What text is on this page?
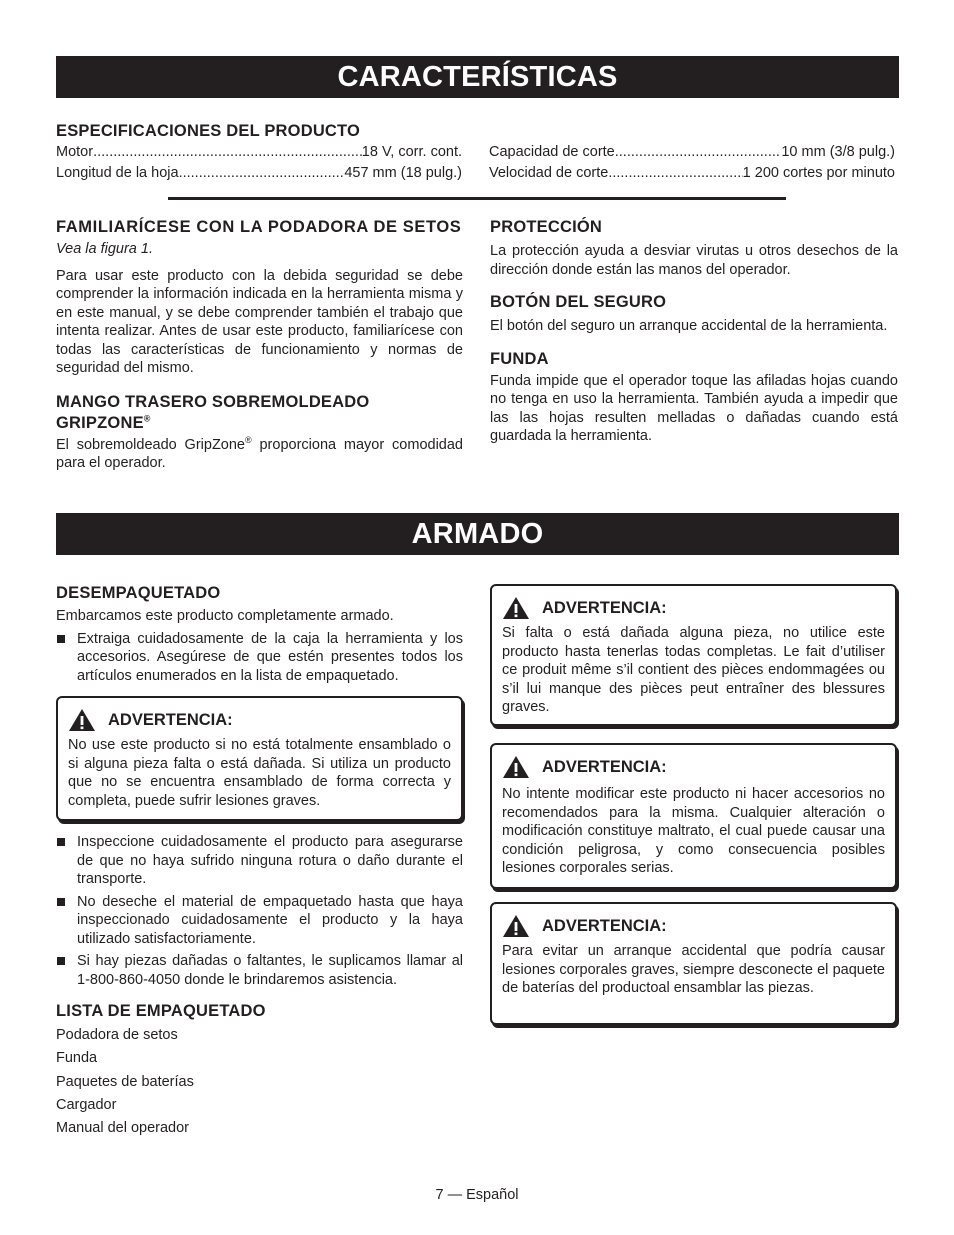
CARACTERÍSTICAS
ESPECIFICACIONES DEL PRODUCTO
Motor .....	18 V, corr. cont.
Longitud de la hoja .....	457 mm (18 pulg.)
Capacidad de corte .....	10 mm (3/8 pulg.)
Velocidad de corte .....	1 200 cortes por minuto
FAMILIARÍCESE CON LA PODADORA DE SETOS

Vea la figura 1.

Para usar este producto con la debida seguridad se debe comprender la información indicada en la herramienta misma y en este manual, y se debe comprender también el trabajo que intenta realizar. Antes de usar este producto, familiarícese con todas las características de funcionamiento y normas de seguridad del mismo.

MANGO TRASERO SOBREMOLDEADO GRIPZONE®

El sobremoldeado GripZone® proporciona mayor comodidad para el operador.

PROTECCIÓN

La protección ayuda a desviar virutas u otros desechos de la dirección donde están las manos del operador.

BOTÓN DEL SEGURO

El botón del seguro un arranque accidental de la herramienta.

FUNDA

Funda impide que el operador toque las afiladas hojas cuando no tenga en uso la herramienta. También ayuda a impedir que las las hojas resulten melladas o dañadas cuando está guardada la herramienta.

ARMADO
DESEMPAQUETADO

Embarcamos este producto completamente armado.

Extraiga cuidadosamente de la caja la herramienta y los accesorios. Asegúrese de que estén presentes todos los artículos enumerados en la lista de empaquetado.
ADVERTENCIA:

No use este producto si no está totalmente ensamblado o si alguna pieza falta o está dañada. Si utiliza un producto que no se encuentra ensamblado de forma correcta y completa, puede sufrir lesiones graves.

Inspeccione cuidadosamente el producto para asegurarse de que no haya sufrido ninguna rotura o daño durante el transporte.
No deseche el material de empaquetado hasta que haya inspeccionado cuidadosamente el producto y la haya utilizado satisfactoriamente.
Si hay piezas dañadas o faltantes, le suplicamos llamar al 1-800-860-4050 donde le brindaremos asistencia.
LISTA DE EMPAQUETADO
Podadora de setos
Funda
Paquetes de baterías
Cargador
Manual del operador
ADVERTENCIA:

Si falta o está dañada alguna pieza, no utilice este producto hasta tenerlas todas completas. Le fait d’utiliser ce produit même s’il contient des pièces endommagées ou s’il lui manque des pièces peut entraîner des blessures graves.

ADVERTENCIA:

No intente modificar este producto ni hacer accesorios no recomendados para la misma. Cualquier alteración o modificación constituye maltrato, el cual puede causar una condición peligrosa, y como consecuencia posibles lesiones corporales serias.

ADVERTENCIA:

Para evitar un arranque accidental que podría causar lesiones corporales graves, siempre desconecte el paquete de baterías del productoal ensamblar las piezas.

7 — Español
